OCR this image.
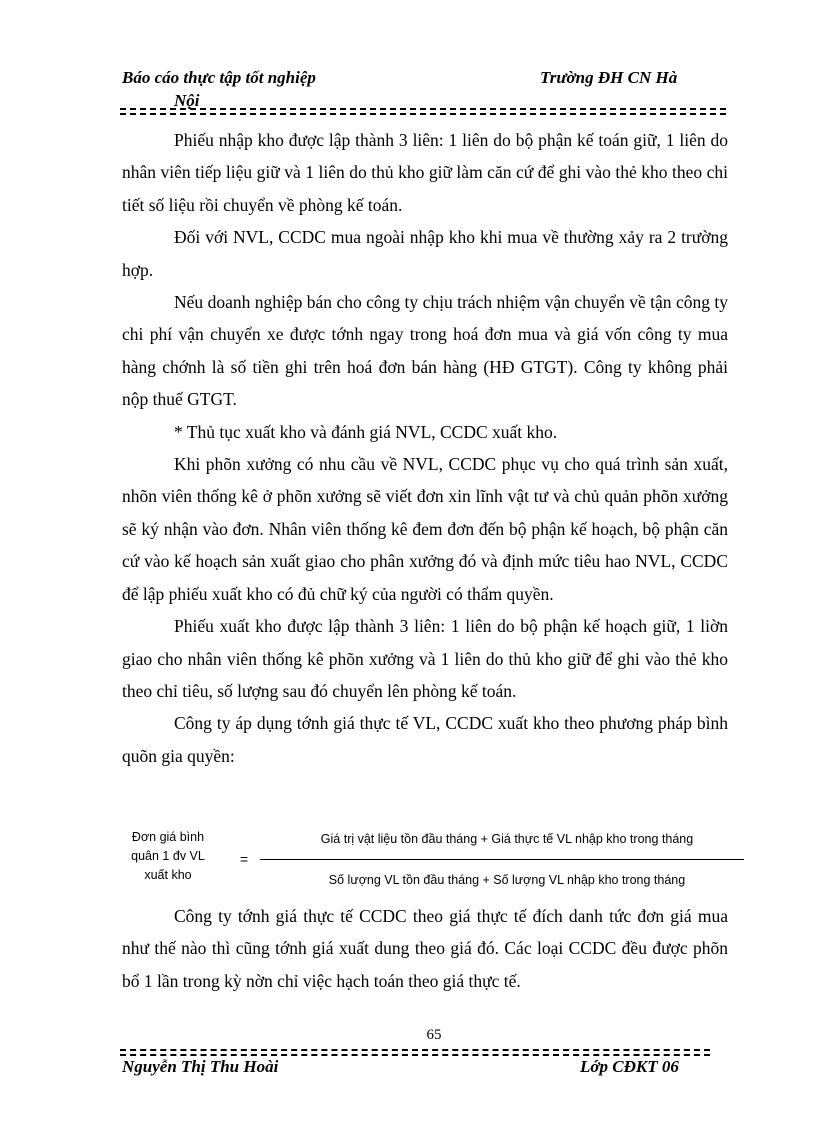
Báo cáo thực tập tốt nghiệp
Nội
Trường ĐH CN Hà

Phiếu nhập kho được lập thành 3 liên: 1 liên do bộ phận kế toán giữ, 1 liên do nhân viên tiếp liệu giữ và 1 liên do thủ kho giữ làm căn cứ để ghi vào thẻ kho theo chi tiết số liệu rồi chuyển về phòng kế toán.

Đối với NVL, CCDC mua ngoài nhập kho khi mua về thường xảy ra 2 trường hợp.

Nếu doanh nghiệp bán cho công ty chịu trách nhiệm vận chuyển về tận công ty chi phí vận chuyển xe được tớnh ngay trong hoá đơn mua và giá vốn công ty mua hàng chớnh là số tiền ghi trên hoá đơn bán hàng (HĐ GTGT). Công ty không phải nộp thuế GTGT.

* Thủ tục xuất kho và đánh giá NVL, CCDC xuất kho.

Khi phõn xưởng có nhu cầu về NVL, CCDC phục vụ cho quá trình sản xuất, nhõn viên thống kê ở phõn xưởng sẽ viết đơn xin lĩnh vật tư và chủ quản phõn xưởng sẽ ký nhận vào đơn. Nhân viên thống kê đem đơn đến bộ phận kế hoạch, bộ phận căn cứ vào kế hoạch sản xuất giao cho phân xưởng đó và định mức tiêu hao NVL, CCDC để lập phiếu xuất kho có đủ chữ ký của người có thẩm quyền.

Phiếu xuất kho được lập thành 3 liên: 1 liên do bộ phận kế hoạch giữ, 1 liờn giao cho nhân viên thống kê phõn xưởng và 1 liên do thủ kho giữ để ghi vào thẻ kho theo chỉ tiêu, số lượng sau đó chuyển lên phòng kế toán.

Công ty áp dụng tớnh giá thực tế VL, CCDC xuất kho theo phương pháp bình quõn gia quyền:

Đơn giá bình
quân 1 đv VL
xuất kho
=
Giá trị vật liệu tồn đầu tháng + Giá thực tế VL nhập kho trong tháng
Số lượng VL tồn đầu tháng + Số lượng VL nhập kho trong tháng

Công ty tớnh giá thực tế CCDC theo giá thực tế đích danh tức đơn giá mua như thế nào thì cũng tớnh giá xuất dung theo giá đó. Các loại CCDC đều được phõn bổ 1 lần trong kỳ nờn chỉ việc hạch toán theo giá thực tế.

65
Nguyễn Thị Thu Hoài	Lớp CĐKT 06
